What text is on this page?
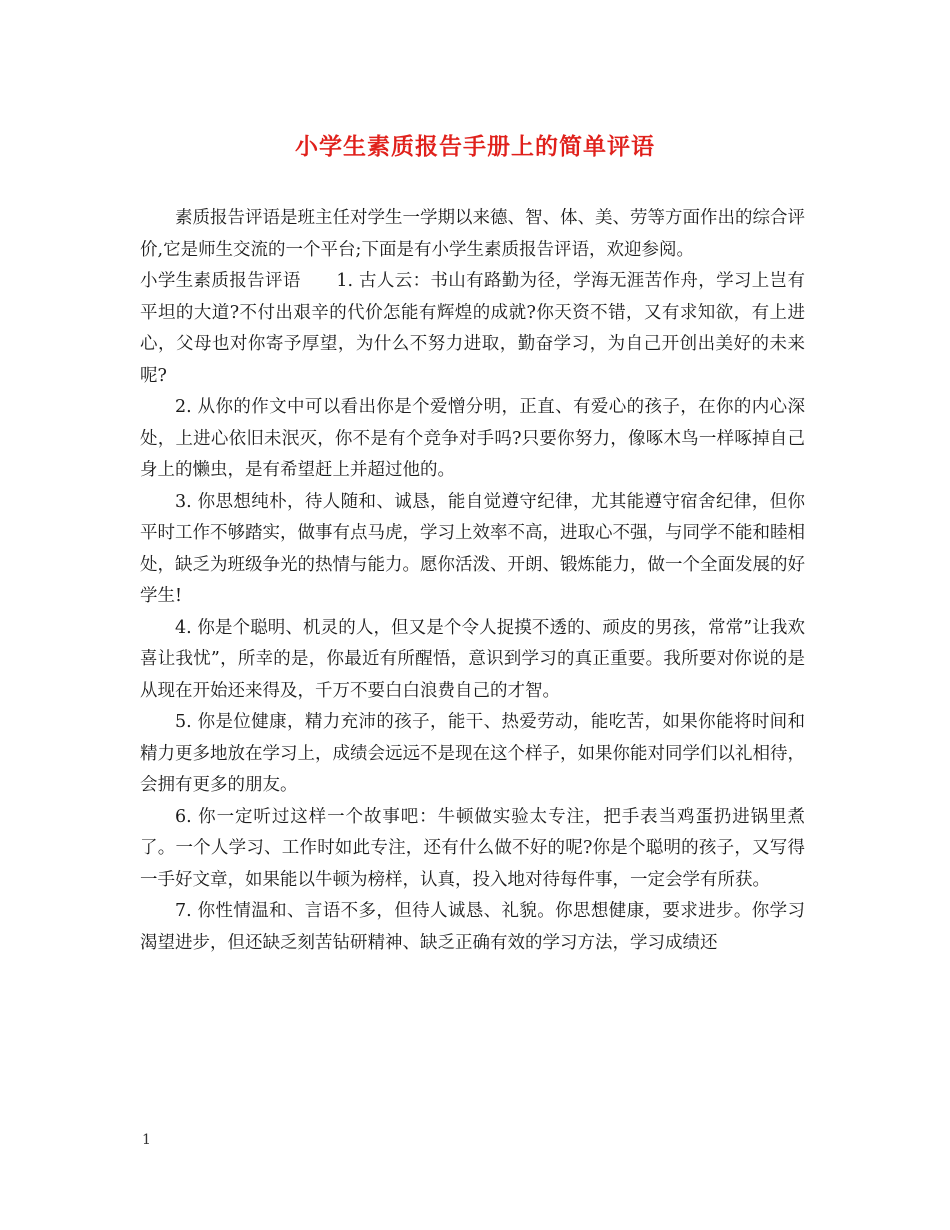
小学生素质报告手册上的简单评语

素质报告评语是班主任对学生一学期以来德、智、体、美、劳等方面作出的综合评价,它是师生交流的一个平台;下面是有小学生素质报告评语，欢迎参阅。

小学生素质报告评语　　1. 古人云：书山有路勤为径，学海无涯苦作舟，学习上岂有平坦的大道?不付出艰辛的代价怎能有辉煌的成就?你天资不错，又有求知欲，有上进心，父母也对你寄予厚望，为什么不努力进取，勤奋学习，为自己开创出美好的未来呢?

2. 从你的作文中可以看出你是个爱憎分明，正直、有爱心的孩子，在你的内心深处，上进心依旧未泯灭，你不是有个竞争对手吗?只要你努力，像啄木鸟一样啄掉自己身上的懒虫，是有希望赶上并超过他的。

3. 你思想纯朴，待人随和、诚恳，能自觉遵守纪律，尤其能遵守宿舍纪律，但你平时工作不够踏实，做事有点马虎，学习上效率不高，进取心不强，与同学不能和睦相处，缺乏为班级争光的热情与能力。愿你活泼、开朗、锻炼能力，做一个全面发展的好学生!

4. 你是个聪明、机灵的人，但又是个令人捉摸不透的、顽皮的男孩，常常”让我欢喜让我忧”，所幸的是，你最近有所醒悟，意识到学习的真正重要。我所要对你说的是从现在开始还来得及，千万不要白白浪费自己的才智。

5. 你是位健康，精力充沛的孩子，能干、热爱劳动，能吃苦，如果你能将时间和精力更多地放在学习上，成绩会远远不是现在这个样子，如果你能对同学们以礼相待，会拥有更多的朋友。

6. 你一定听过这样一个故事吧：牛顿做实验太专注，把手表当鸡蛋扔进锅里煮了。一个人学习、工作时如此专注，还有什么做不好的呢?你是个聪明的孩子，又写得一手好文章，如果能以牛顿为榜样，认真，投入地对待每件事，一定会学有所获。

7. 你性情温和、言语不多，但待人诚恳、礼貌。你思想健康，要求进步。你学习渴望进步，但还缺乏刻苦钻研精神、缺乏正确有效的学习方法，学习成绩还

1
